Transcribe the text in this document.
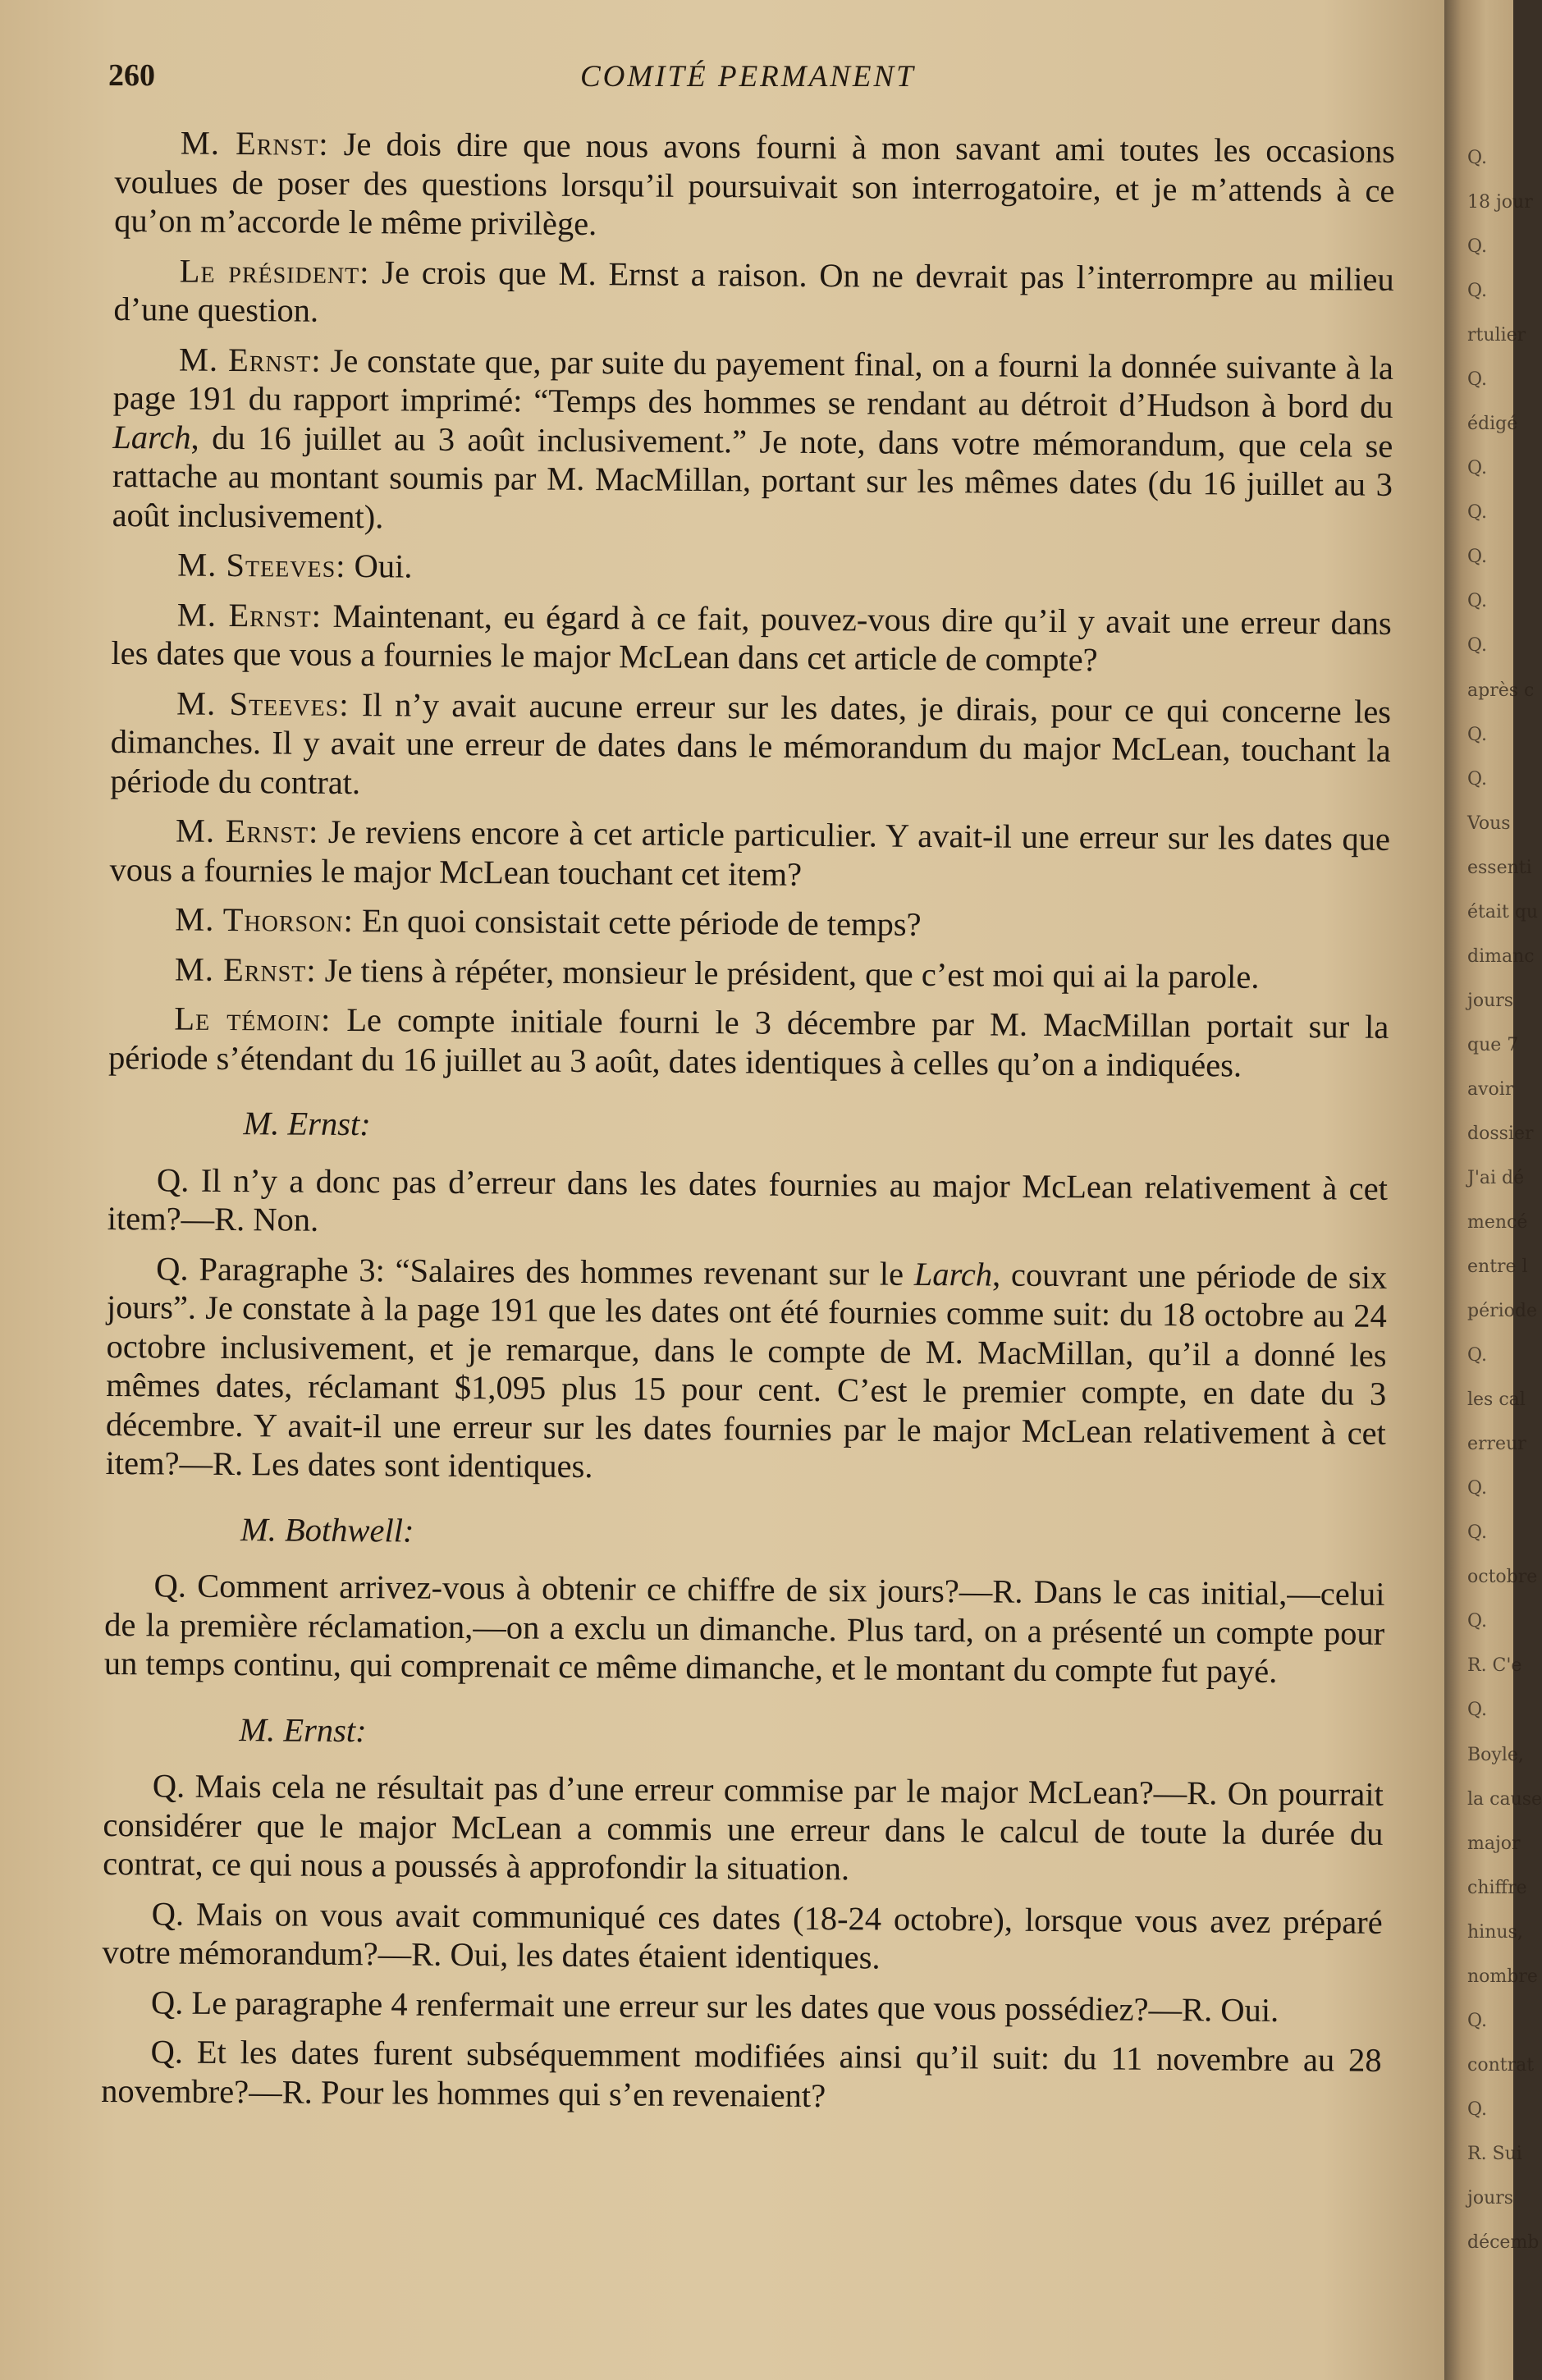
260	COMITÉ PERMANENT

M. Ernst: Je dois dire que nous avons fourni à mon savant ami toutes les occasions voulues de poser des questions lorsqu’il poursuivait son interrogatoire, et je m’attends à ce qu’on m’accorde le même privilège.

Le président: Je crois que M. Ernst a raison. On ne devrait pas l’interrompre au milieu d’une question.

M. Ernst: Je constate que, par suite du payement final, on a fourni la donnée suivante à la page 191 du rapport imprimé: “Temps des hommes se rendant au détroit d’Hudson à bord du Larch, du 16 juillet au 3 août inclusivement.” Je note, dans votre mémorandum, que cela se rattache au montant soumis par M. MacMillan, portant sur les mêmes dates (du 16 juillet au 3 août inclusivement).

M. Steeves: Oui.

M. Ernst: Maintenant, eu égard à ce fait, pouvez-vous dire qu’il y avait une erreur dans les dates que vous a fournies le major McLean dans cet article de compte?

M. Steeves: Il n’y avait aucune erreur sur les dates, je dirais, pour ce qui concerne les dimanches. Il y avait une erreur de dates dans le mémorandum du major McLean, touchant la période du contrat.

M. Ernst: Je reviens encore à cet article particulier. Y avait-il une erreur sur les dates que vous a fournies le major McLean touchant cet item?

M. Thorson: En quoi consistait cette période de temps?

M. Ernst: Je tiens à répéter, monsieur le président, que c’est moi qui ai la parole.

Le témoin: Le compte initiale fourni le 3 décembre par M. MacMillan portait sur la période s’étendant du 16 juillet au 3 août, dates identiques à celles qu’on a indiquées.

M. Ernst:

Q. Il n’y a donc pas d’erreur dans les dates fournies au major McLean relativement à cet item?—R. Non.

Q. Paragraphe 3: “Salaires des hommes revenant sur le Larch, couvrant une période de six jours”. Je constate à la page 191 que les dates ont été fournies comme suit: du 18 octobre au 24 octobre inclusivement, et je remarque, dans le compte de M. MacMillan, qu’il a donné les mêmes dates, réclamant $1,095 plus 15 pour cent. C’est le premier compte, en date du 3 décembre. Y avait-il une erreur sur les dates fournies par le major McLean relativement à cet item?—R. Les dates sont identiques.

M. Bothwell:

Q. Comment arrivez-vous à obtenir ce chiffre de six jours?—R. Dans le cas initial,—celui de la première réclamation,—on a exclu un dimanche. Plus tard, on a présenté un compte pour un temps continu, qui comprenait ce même dimanche, et le montant du compte fut payé.

M. Ernst:

Q. Mais cela ne résultait pas d’une erreur commise par le major McLean?—R. On pourrait considérer que le major McLean a commis une erreur dans le calcul de toute la durée du contrat, ce qui nous a poussés à approfondir la situation.

Q. Mais on vous avait communiqué ces dates (18-24 octobre), lorsque vous avez préparé votre mémorandum?—R. Oui, les dates étaient identiques.

Q. Le paragraphe 4 renfermait une erreur sur les dates que vous possédiez?—R. Oui.

Q. Et les dates furent subséquemment modifiées ainsi qu’il suit: du 11 novembre au 28 novembre?—R. Pour les hommes qui s’en revenaient?

Q.
18 jour
Q.
Q.
rtulier
Q.
édigé
Q.
Q.
Q.
Q.
Q.
après c
Q.
Q.
Vous
essenti
était qu
dimanc
jours
que 7
avoir
dossier
J'ai dé
mencé
entre l
période
Q.
les cal
erreur
Q.
Q.
octobre
Q.
R. C'e
Q.
Boyle,
la cause
major
chiffre
hinus,
nombre
Q.
contrat
Q.
R. Sui
jours
décemb
